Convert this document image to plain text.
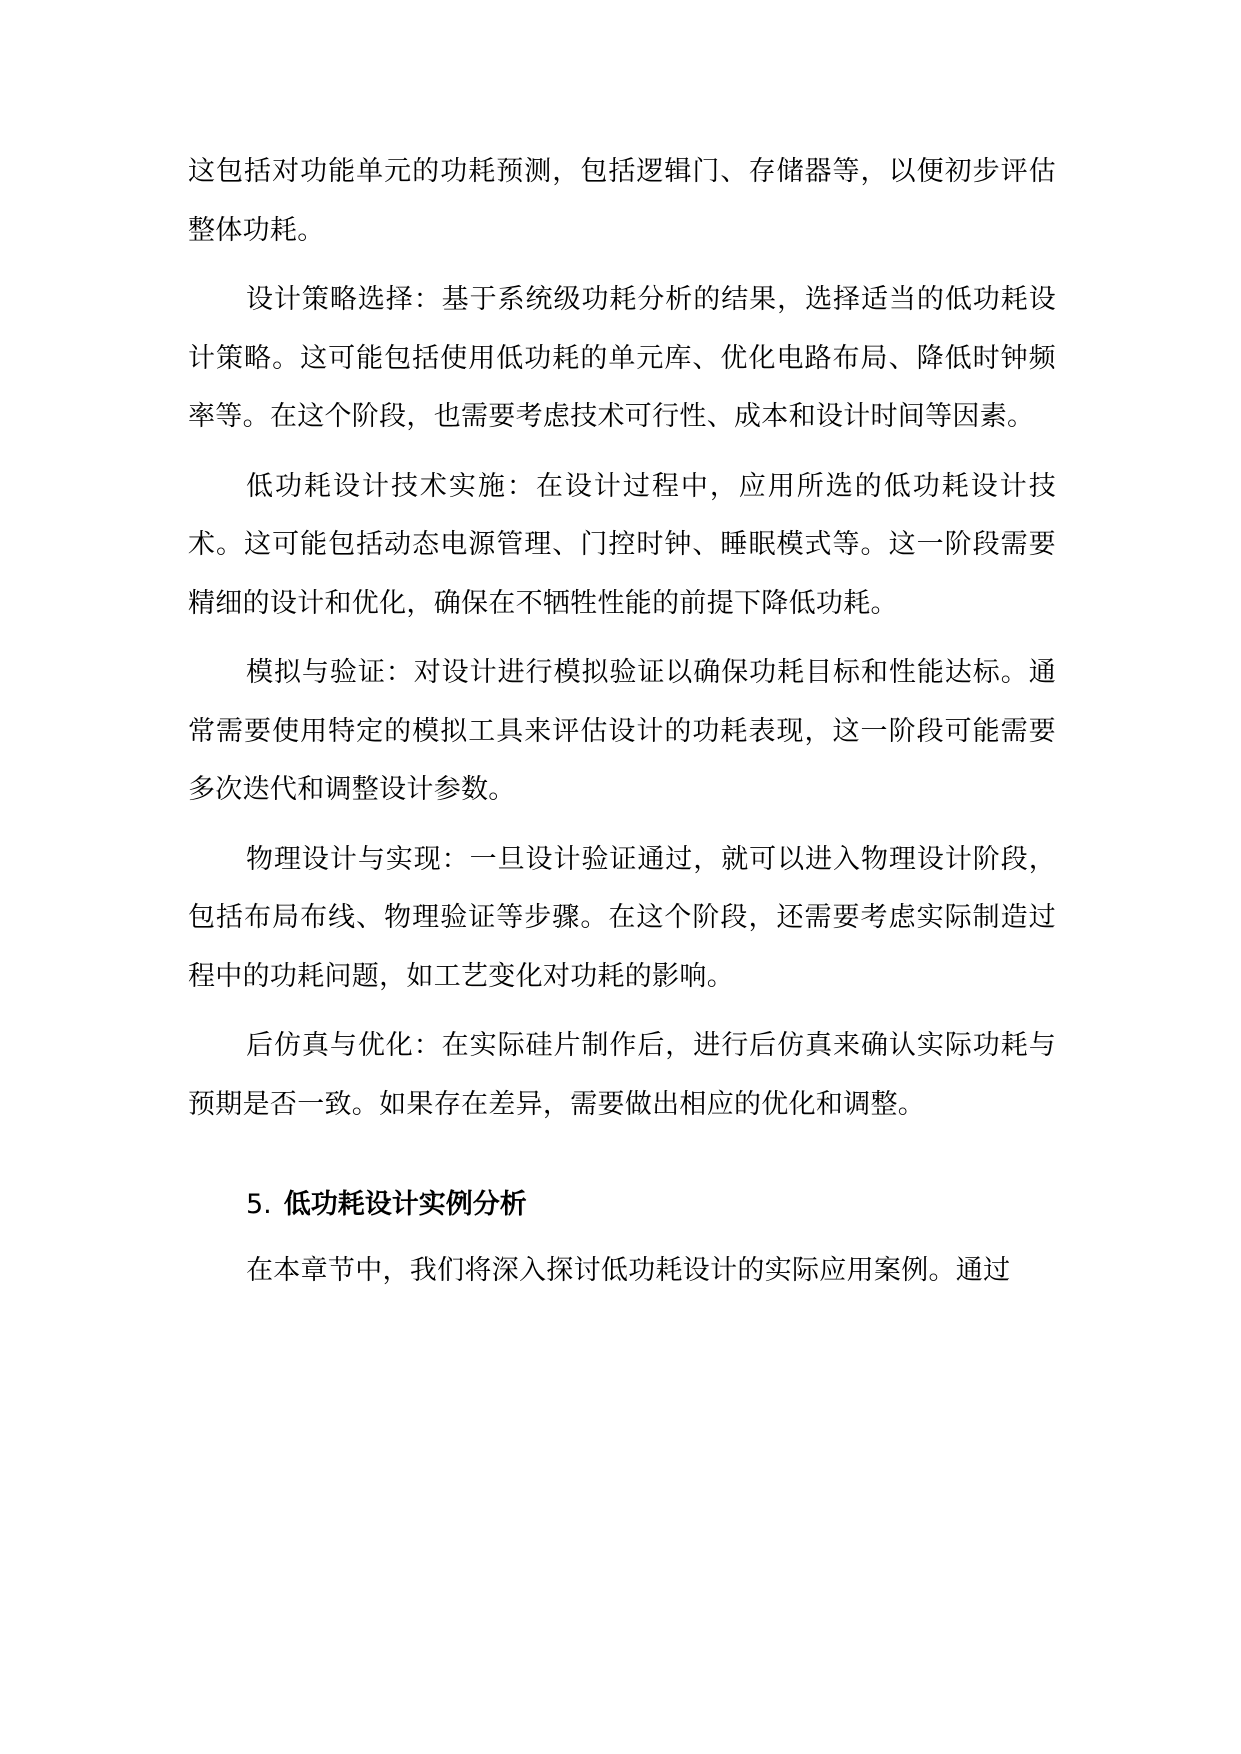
这包括对功能单元的功耗预测，包括逻辑门、存储器等，以便初步评估整体功耗。

设计策略选择：基于系统级功耗分析的结果，选择适当的低功耗设计策略。这可能包括使用低功耗的单元库、优化电路布局、降低时钟频率等。在这个阶段，也需要考虑技术可行性、成本和设计时间等因素。

低功耗设计技术实施：在设计过程中，应用所选的低功耗设计技术。这可能包括动态电源管理、门控时钟、睡眠模式等。这一阶段需要精细的设计和优化，确保在不牺牲性能的前提下降低功耗。

模拟与验证：对设计进行模拟验证以确保功耗目标和性能达标。通常需要使用特定的模拟工具来评估设计的功耗表现，这一阶段可能需要多次迭代和调整设计参数。

物理设计与实现：一旦设计验证通过，就可以进入物理设计阶段，包括布局布线、物理验证等步骤。在这个阶段，还需要考虑实际制造过程中的功耗问题，如工艺变化对功耗的影响。

后仿真与优化：在实际硅片制作后，进行后仿真来确认实际功耗与预期是否一致。如果存在差异，需要做出相应的优化和调整。

5. 低功耗设计实例分析

在本章节中，我们将深入探讨低功耗设计的实际应用案例。通过
